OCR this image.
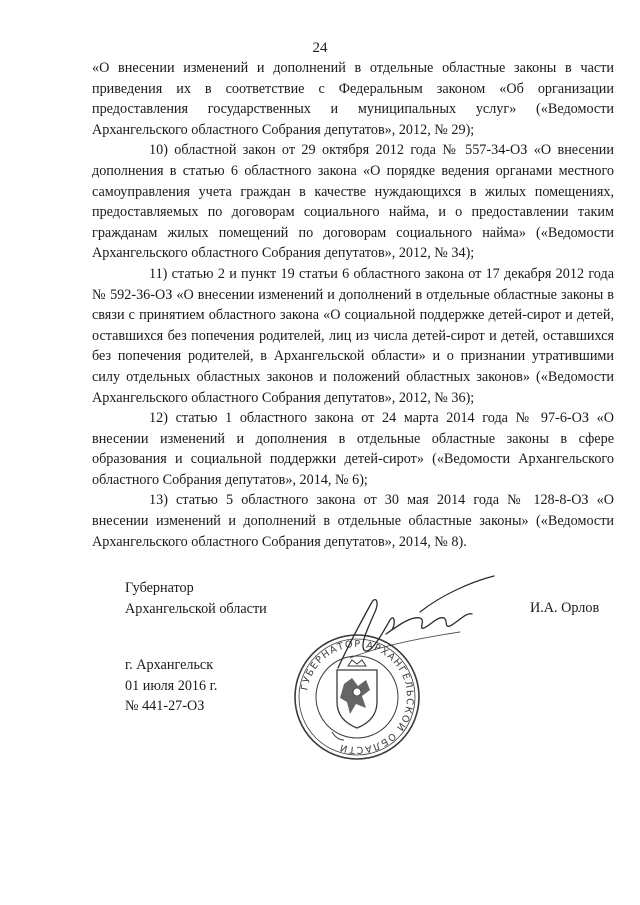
24

«О внесении изменений и дополнений в отдельные областные законы в части приведения их в соответствие с Федеральным законом «Об организации предоставления государственных и муниципальных услуг» («Ведомости Архангельского областного Собрания депутатов», 2012, № 29);

10) областной закон от 29 октября 2012 года № 557-34-ОЗ «О внесении дополнения в статью 6 областного закона «О порядке ведения органами местного самоуправления учета граждан в качестве нуждающихся в жилых помещениях, предоставляемых по договорам социального найма, и о предоставлении таким гражданам жилых помещений по договорам социального найма» («Ведомости Архангельского областного Собрания депутатов», 2012, № 34);

11) статью 2 и пункт 19 статьи 6 областного закона от 17 декабря 2012 года № 592-36-ОЗ «О внесении изменений и дополнений в отдельные областные законы в связи с принятием областного закона «О социальной поддержке детей-сирот и детей, оставшихся без попечения родителей, лиц из числа детей-сирот и детей, оставшихся без попечения родителей, в Архангельской области» и о признании утратившими силу отдельных областных законов и положений областных законов» («Ведомости Архангельского областного Собрания депутатов», 2012, № 36);

12) статью 1 областного закона от 24 марта 2014 года № 97-6-ОЗ «О внесении изменений и дополнения в отдельные областные законы в сфере образования и социальной поддержки детей-сирот» («Ведомости Архангельского областного Собрания депутатов», 2014, № 6);

13) статью 5 областного закона от 30 мая 2014 года № 128-8-ОЗ «О внесении изменений и дополнений в отдельные областные законы» («Ведомости Архангельского областного Собрания депутатов», 2014, № 8).

Губернатор
Архангельской области	И.А. Орлов
г. Архангельск
01 июля 2016 г.
№ 441-27-ОЗ
ГУБЕРНАТОР АРХАНГЕЛЬСКОЙ ОБЛАСТИ
